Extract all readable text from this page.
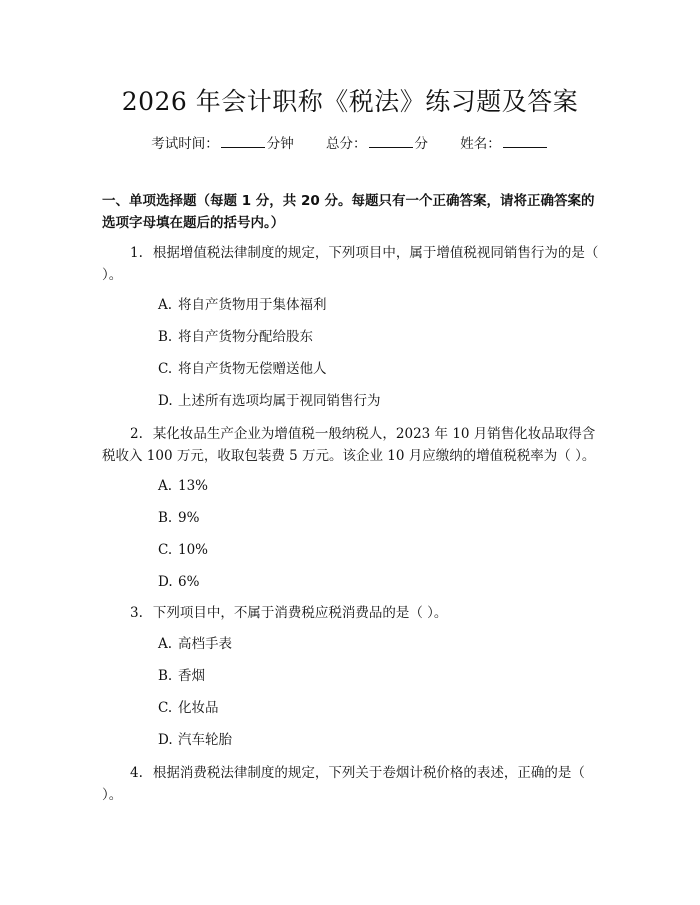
2026 年会计职称《税法》练习题及答案
考试时间：	分钟 总分：	分 姓名：
一、单项选择题（每题 1 分，共 20 分。每题只有一个正确答案，请将正确答案的选项字母填在题后的括号内。）
1. 根据增值税法律制度的规定，下列项目中，属于增值税视同销售行为的是（ ）。
A. 将自产货物用于集体福利
B. 将自产货物分配给股东
C. 将自产货物无偿赠送他人
D. 上述所有选项均属于视同销售行为
2. 某化妆品生产企业为增值税一般纳税人，2023 年 10 月销售化妆品取得含税收入 100 万元，收取包装费 5 万元。该企业 10 月应缴纳的增值税税率为（ ）。
A. 13%
B. 9%
C. 10%
D. 6%
3. 下列项目中，不属于消费税应税消费品的是（ ）。
A. 高档手表
B. 香烟
C. 化妆品
D. 汽车轮胎
4. 根据消费税法律制度的规定，下列关于卷烟计税价格的表述，正确的是（ ）。
